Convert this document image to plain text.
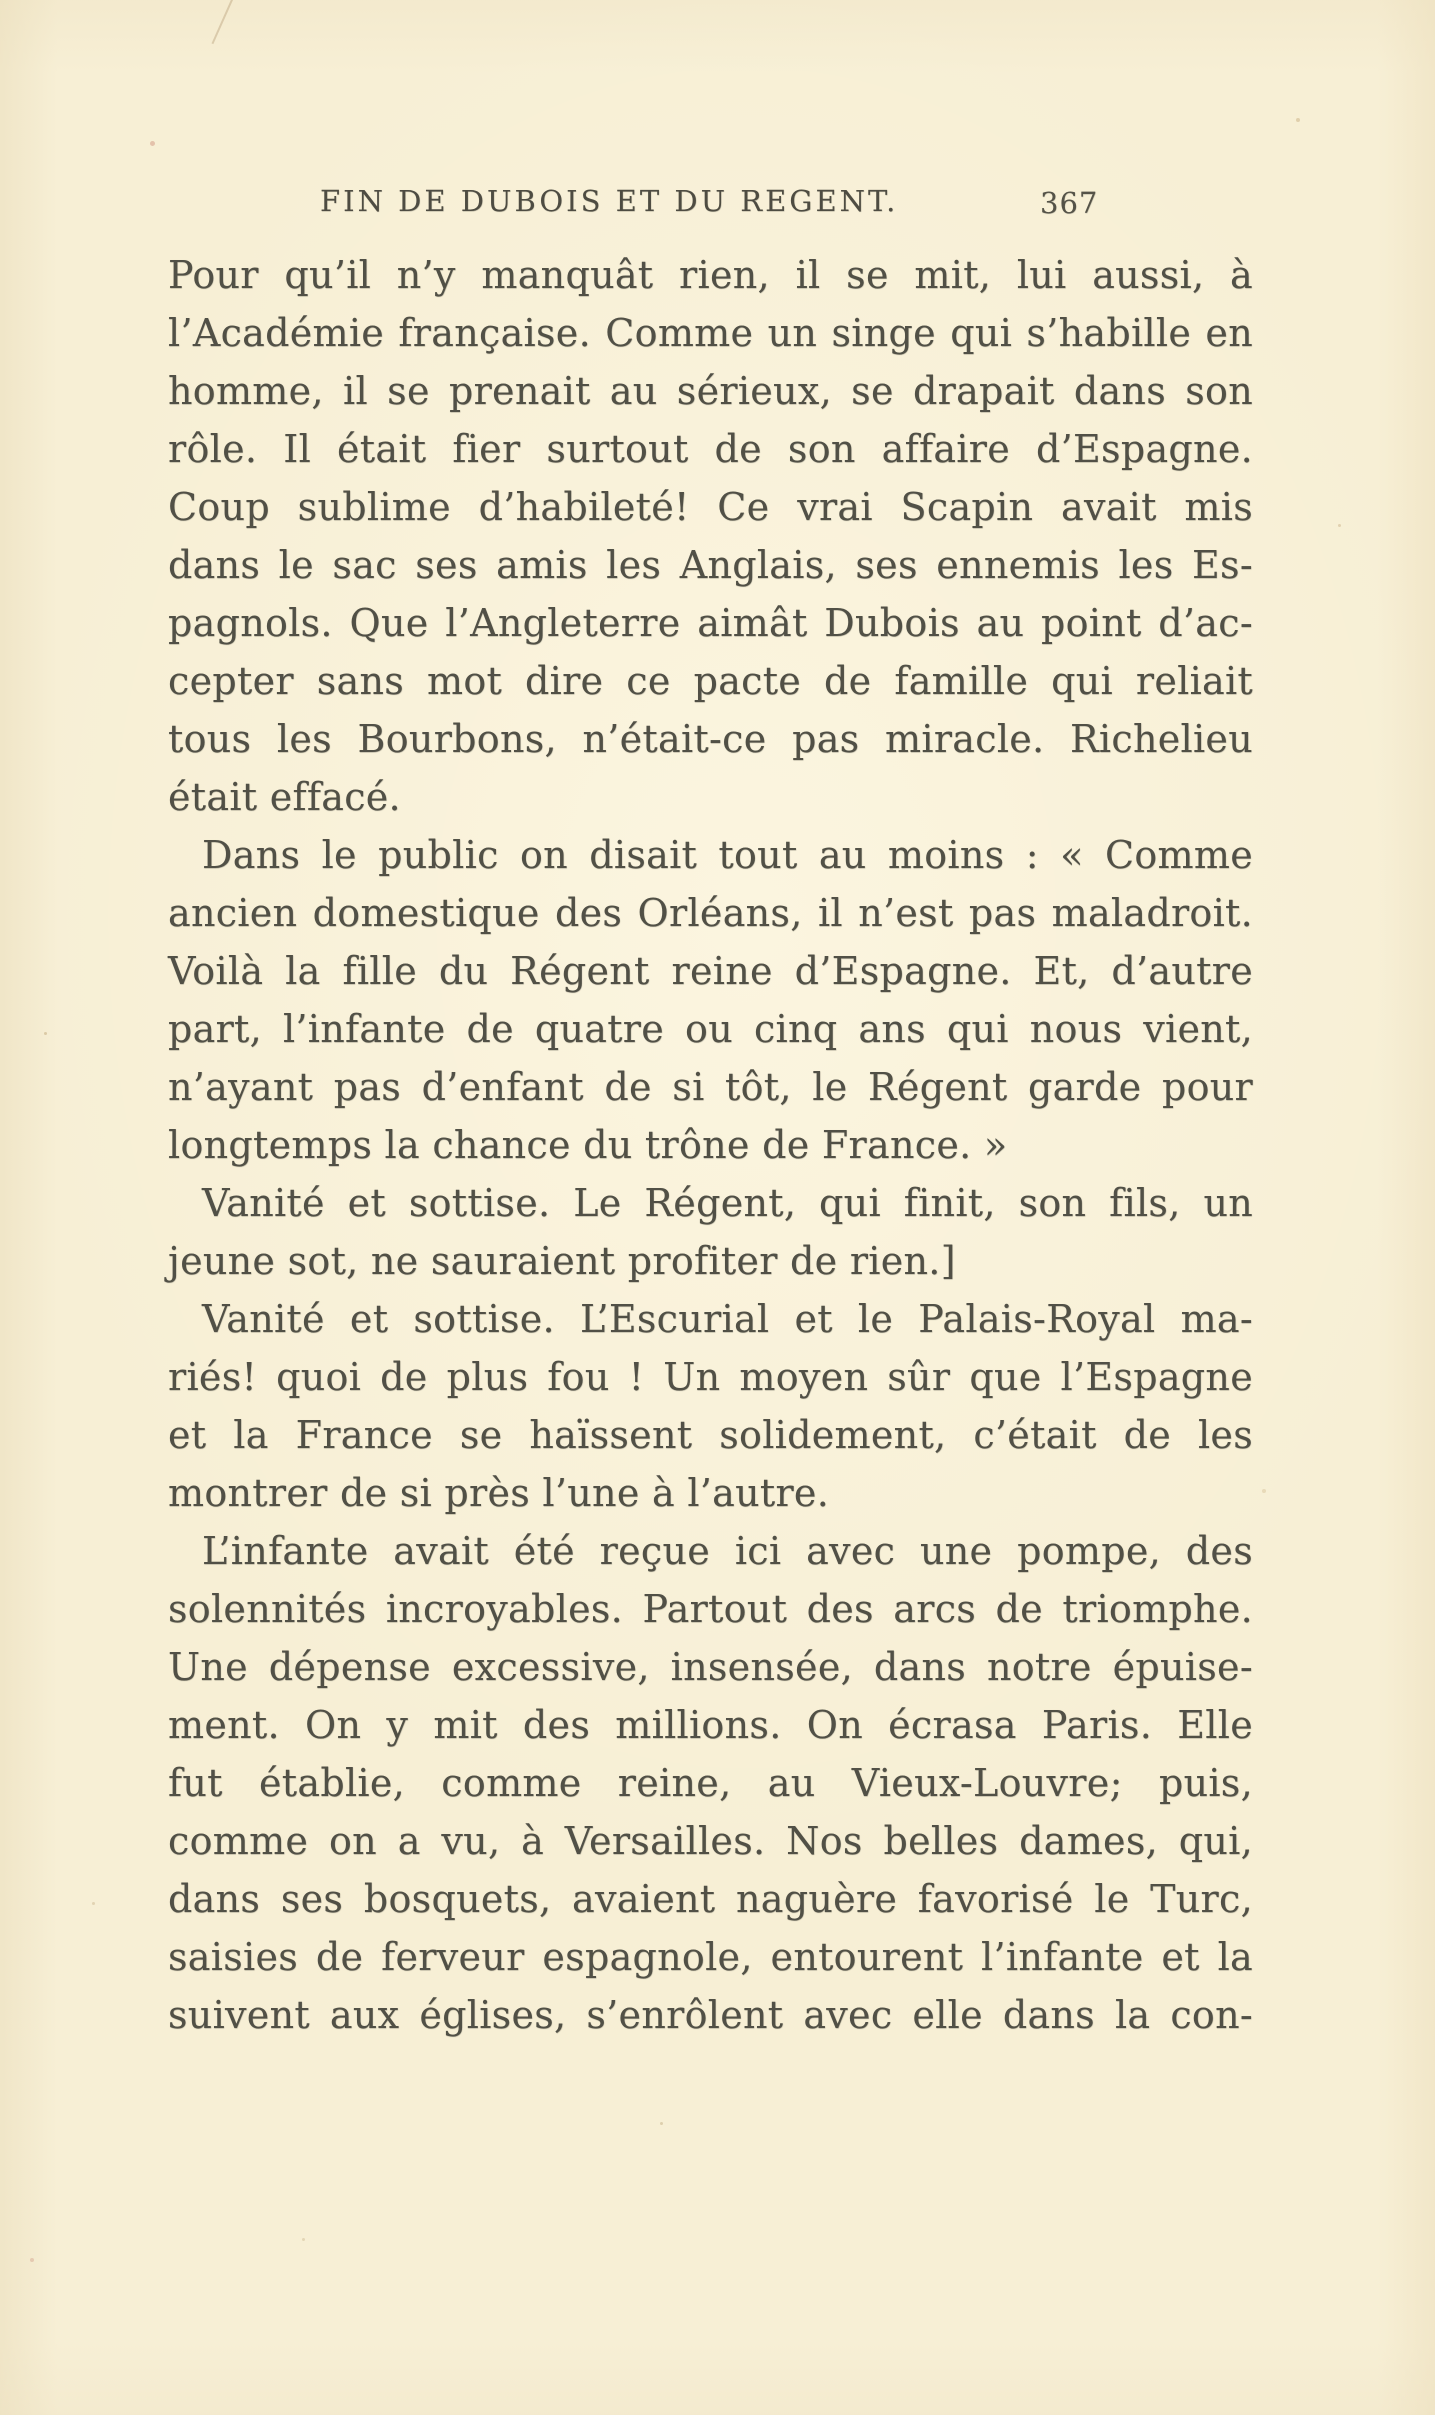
FIN DE DUBOIS ET DU REGENT.	367
Pour qu’il n’y manquât rien, il se mit, lui aussi, à
l’Académie française. Comme un singe qui s’habille en
homme, il se prenait au sérieux, se drapait dans son
rôle. Il était fier surtout de son affaire d’Espagne.
Coup sublime d’habileté! Ce vrai Scapin avait mis
dans le sac ses amis les Anglais, ses ennemis les Es-
pagnols. Que l’Angleterre aimât Dubois au point d’ac-
cepter sans mot dire ce pacte de famille qui reliait
tous les Bourbons, n’était-ce pas miracle. Richelieu
était effacé.
Dans le public on disait tout au moins : « Comme
ancien domestique des Orléans, il n’est pas maladroit.
Voilà la fille du Régent reine d’Espagne. Et, d’autre
part, l’infante de quatre ou cinq ans qui nous vient,
n’ayant pas d’enfant de si tôt, le Régent garde pour
longtemps la chance du trône de France. »
Vanité et sottise. Le Régent, qui finit, son fils, un
jeune sot, ne sauraient profiter de rien.]
Vanité et sottise. L’Escurial et le Palais-Royal ma-
riés! quoi de plus fou ! Un moyen sûr que l’Espagne
et la France se haïssent solidement, c’était de les
montrer de si près l’une à l’autre.
L’infante avait été reçue ici avec une pompe, des
solennités incroyables. Partout des arcs de triomphe.
Une dépense excessive, insensée, dans notre épuise-
ment. On y mit des millions. On écrasa Paris. Elle
fut établie, comme reine, au Vieux-Louvre; puis,
comme on a vu, à Versailles. Nos belles dames, qui,
dans ses bosquets, avaient naguère favorisé le Turc,
saisies de ferveur espagnole, entourent l’infante et la
suivent aux églises, s’enrôlent avec elle dans la con-
